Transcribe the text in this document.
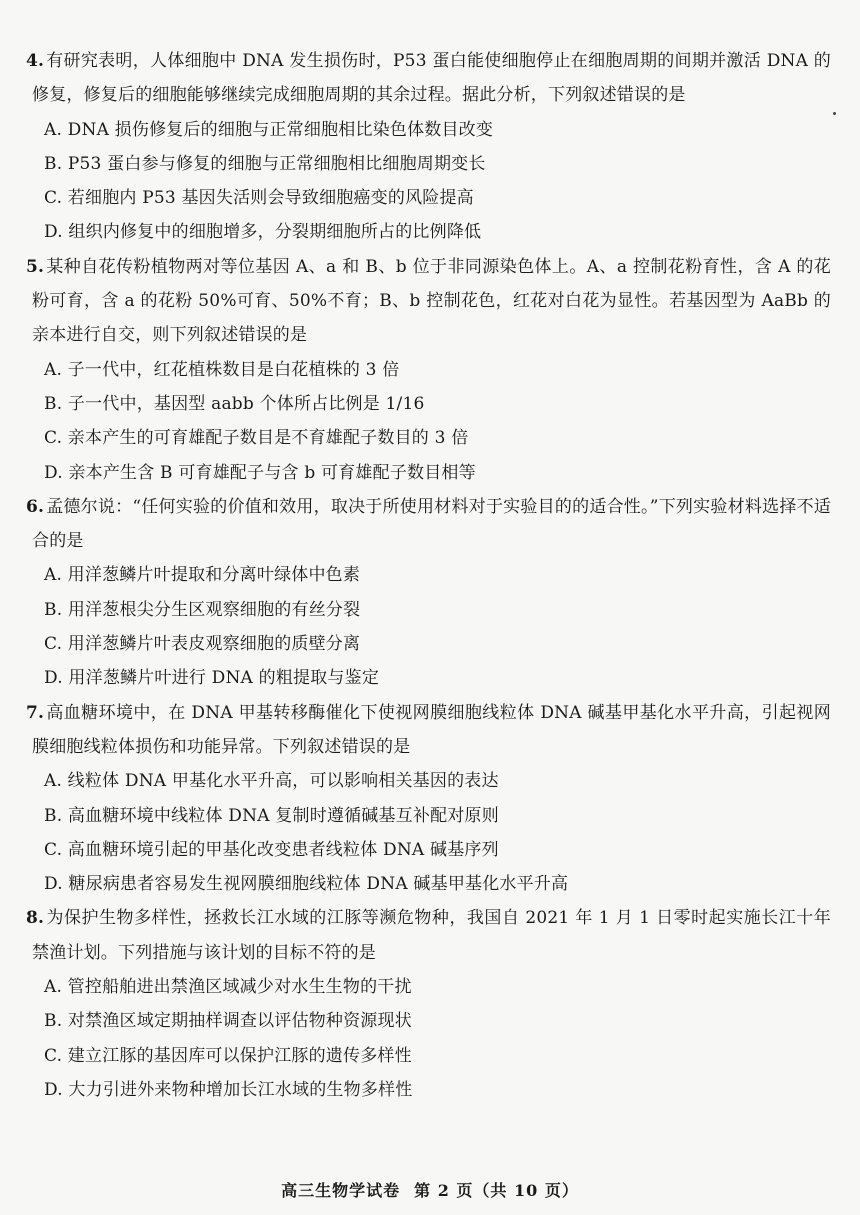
4. 有研究表明，人体细胞中 DNA 发生损伤时，P53 蛋白能使细胞停止在细胞周期的间期并激活 DNA 的修复，修复后的细胞能够继续完成细胞周期的其余过程。据此分析，下列叙述错误的是

A. DNA 损伤修复后的细胞与正常细胞相比染色体数目改变

B. P53 蛋白参与修复的细胞与正常细胞相比细胞周期变长

C. 若细胞内 P53 基因失活则会导致细胞癌变的风险提高

D. 组织内修复中的细胞增多，分裂期细胞所占的比例降低

5. 某种自花传粉植物两对等位基因 A、a 和 B、b 位于非同源染色体上。A、a 控制花粉育性，含 A 的花粉可育，含 a 的花粉 50%可育、50%不育；B、b 控制花色，红花对白花为显性。若基因型为 AaBb 的亲本进行自交，则下列叙述错误的是

A. 子一代中，红花植株数目是白花植株的 3 倍

B. 子一代中，基因型 aabb 个体所占比例是 1/16

C. 亲本产生的可育雄配子数目是不育雄配子数目的 3 倍

D. 亲本产生含 B 可育雄配子与含 b 可育雄配子数目相等

6. 孟德尔说：“任何实验的价值和效用，取决于所使用材料对于实验目的的适合性。”下列实验材料选择不适合的是

A. 用洋葱鳞片叶提取和分离叶绿体中色素

B. 用洋葱根尖分生区观察细胞的有丝分裂

C. 用洋葱鳞片叶表皮观察细胞的质壁分离

D. 用洋葱鳞片叶进行 DNA 的粗提取与鉴定

7. 高血糖环境中，在 DNA 甲基转移酶催化下使视网膜细胞线粒体 DNA 碱基甲基化水平升高，引起视网膜细胞线粒体损伤和功能异常。下列叙述错误的是

A. 线粒体 DNA 甲基化水平升高，可以影响相关基因的表达

B. 高血糖环境中线粒体 DNA 复制时遵循碱基互补配对原则

C. 高血糖环境引起的甲基化改变患者线粒体 DNA 碱基序列

D. 糖尿病患者容易发生视网膜细胞线粒体 DNA 碱基甲基化水平升高

8. 为保护生物多样性，拯救长江水域的江豚等濒危物种，我国自 2021 年 1 月 1 日零时起实施长江十年禁渔计划。下列措施与该计划的目标不符的是

A. 管控船舶进出禁渔区域减少对水生生物的干扰

B. 对禁渔区域定期抽样调查以评估物种资源现状

C. 建立江豚的基因库可以保护江豚的遗传多样性

D. 大力引进外来物种增加长江水域的生物多样性

高三生物学试卷 第 2 页（共 10 页）
